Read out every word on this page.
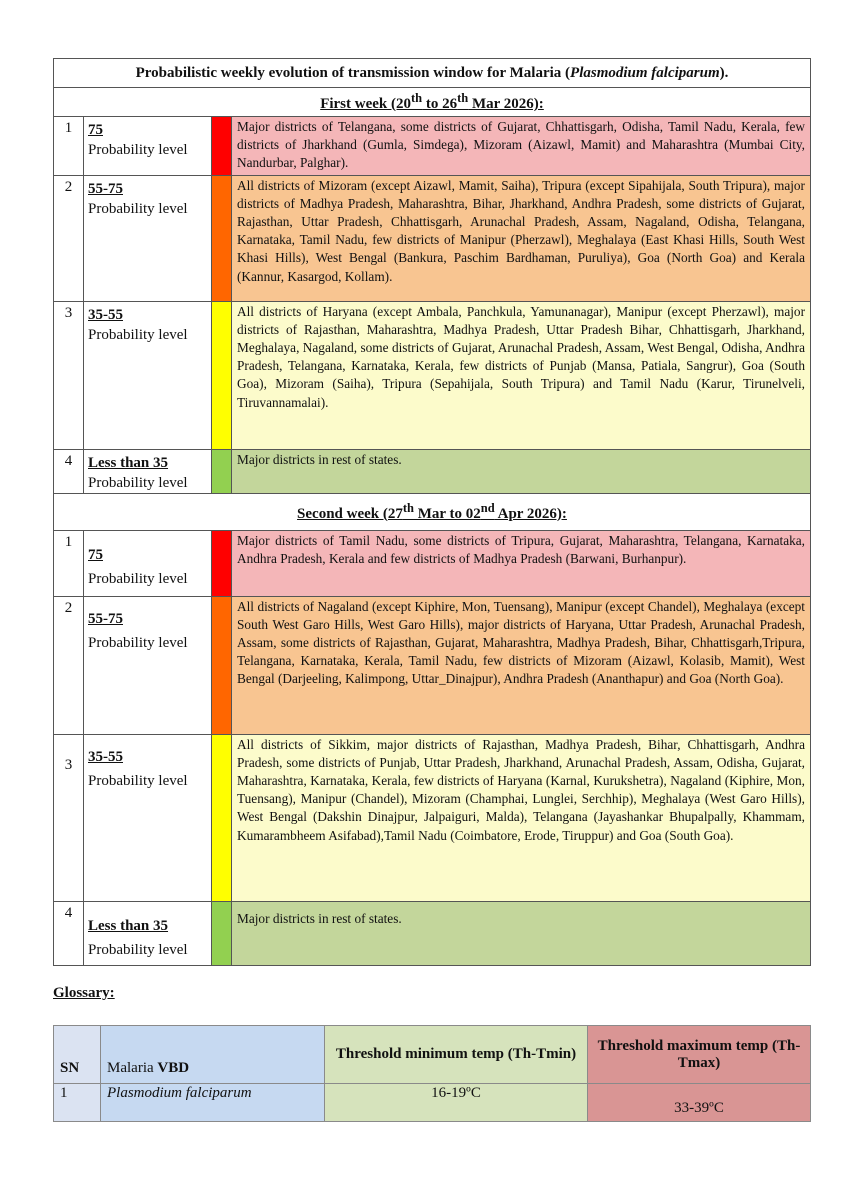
Probabilistic weekly evolution of transmission window for Malaria (Plasmodium falciparum).			
First week (20th to 26th Mar 2026):			
1	75
Probability level		Major districts of Telangana, some districts of Gujarat, Chhattisgarh, Odisha, Tamil Nadu, Kerala, few districts of Jharkhand (Gumla, Simdega), Mizoram (Aizawl, Mamit) and Maharashtra (Mumbai City, Nandurbar, Palghar).
2	55-75
Probability level		All districts of Mizoram (except Aizawl, Mamit, Saiha), Tripura (except Sipahijala, South Tripura), major districts of Madhya Pradesh, Maharashtra, Bihar, Jharkhand, Andhra Pradesh, some districts of Gujarat, Rajasthan, Uttar Pradesh, Chhattisgarh, Arunachal Pradesh, Assam, Nagaland, Odisha, Telangana, Karnataka, Tamil Nadu, few districts of Manipur (Pherzawl), Meghalaya (East Khasi Hills, South West Khasi Hills), West Bengal (Bankura, Paschim Bardhaman, Puruliya), Goa (North Goa) and Kerala (Kannur, Kasargod, Kollam).
3	35-55
Probability level		All districts of Haryana (except Ambala, Panchkula, Yamunanagar), Manipur (except Pherzawl), major districts of Rajasthan, Maharashtra, Madhya Pradesh, Uttar Pradesh Bihar, Chhattisgarh, Jharkhand, Meghalaya, Nagaland, some districts of Gujarat, Arunachal Pradesh, Assam, West Bengal, Odisha, Andhra Pradesh, Telangana, Karnataka, Kerala, few districts of Punjab (Mansa, Patiala, Sangrur), Goa (South Goa), Mizoram (Saiha), Tripura (Sepahijala, South Tripura) and Tamil Nadu (Karur, Tirunelveli, Tiruvannamalai).
4	Less than 35
Probability level		Major districts in rest of states.
Second week (27th Mar to 02nd Apr 2026):			
1	75
Probability level		Major districts of Tamil Nadu, some districts of Tripura, Gujarat, Maharashtra, Telangana, Karnataka, Andhra Pradesh, Kerala and few districts of Madhya Pradesh (Barwani, Burhanpur).
2	55-75
Probability level		All districts of Nagaland (except Kiphire, Mon, Tuensang), Manipur (except Chandel), Meghalaya (except South West Garo Hills, West Garo Hills), major districts of Haryana, Uttar Pradesh, Arunachal Pradesh, Assam, some districts of Rajasthan, Gujarat, Maharashtra, Madhya Pradesh, Bihar, Chhattisgarh,Tripura, Telangana, Karnataka, Kerala, Tamil Nadu, few districts of Mizoram (Aizawl, Kolasib, Mamit), West Bengal (Darjeeling, Kalimpong, Uttar_Dinajpur), Andhra Pradesh (Ananthapur) and Goa (North Goa).
3	35-55
Probability level		All districts of Sikkim, major districts of Rajasthan, Madhya Pradesh, Bihar, Chhattisgarh, Andhra Pradesh, some districts of Punjab, Uttar Pradesh, Jharkhand, Arunachal Pradesh, Assam, Odisha, Gujarat, Maharashtra, Karnataka, Kerala, few districts of Haryana (Karnal, Kurukshetra), Nagaland (Kiphire, Mon, Tuensang), Manipur (Chandel), Mizoram (Champhai, Lunglei, Serchhip), Meghalaya (West Garo Hills), West Bengal (Dakshin Dinajpur, Jalpaiguri, Malda), Telangana (Jayashankar Bhupalpally, Khammam, Kumarambheem Asifabad),Tamil Nadu (Coimbatore, Erode, Tiruppur) and Goa (South Goa).
4	Less than 35
Probability level		Major districts in rest of states.
Glossary:
SN	Malaria VBD	Threshold minimum temp (Th-Tmin)	Threshold maximum temp (Th-Tmax)
1	Plasmodium falciparum	16-19ºC	33-39ºC
